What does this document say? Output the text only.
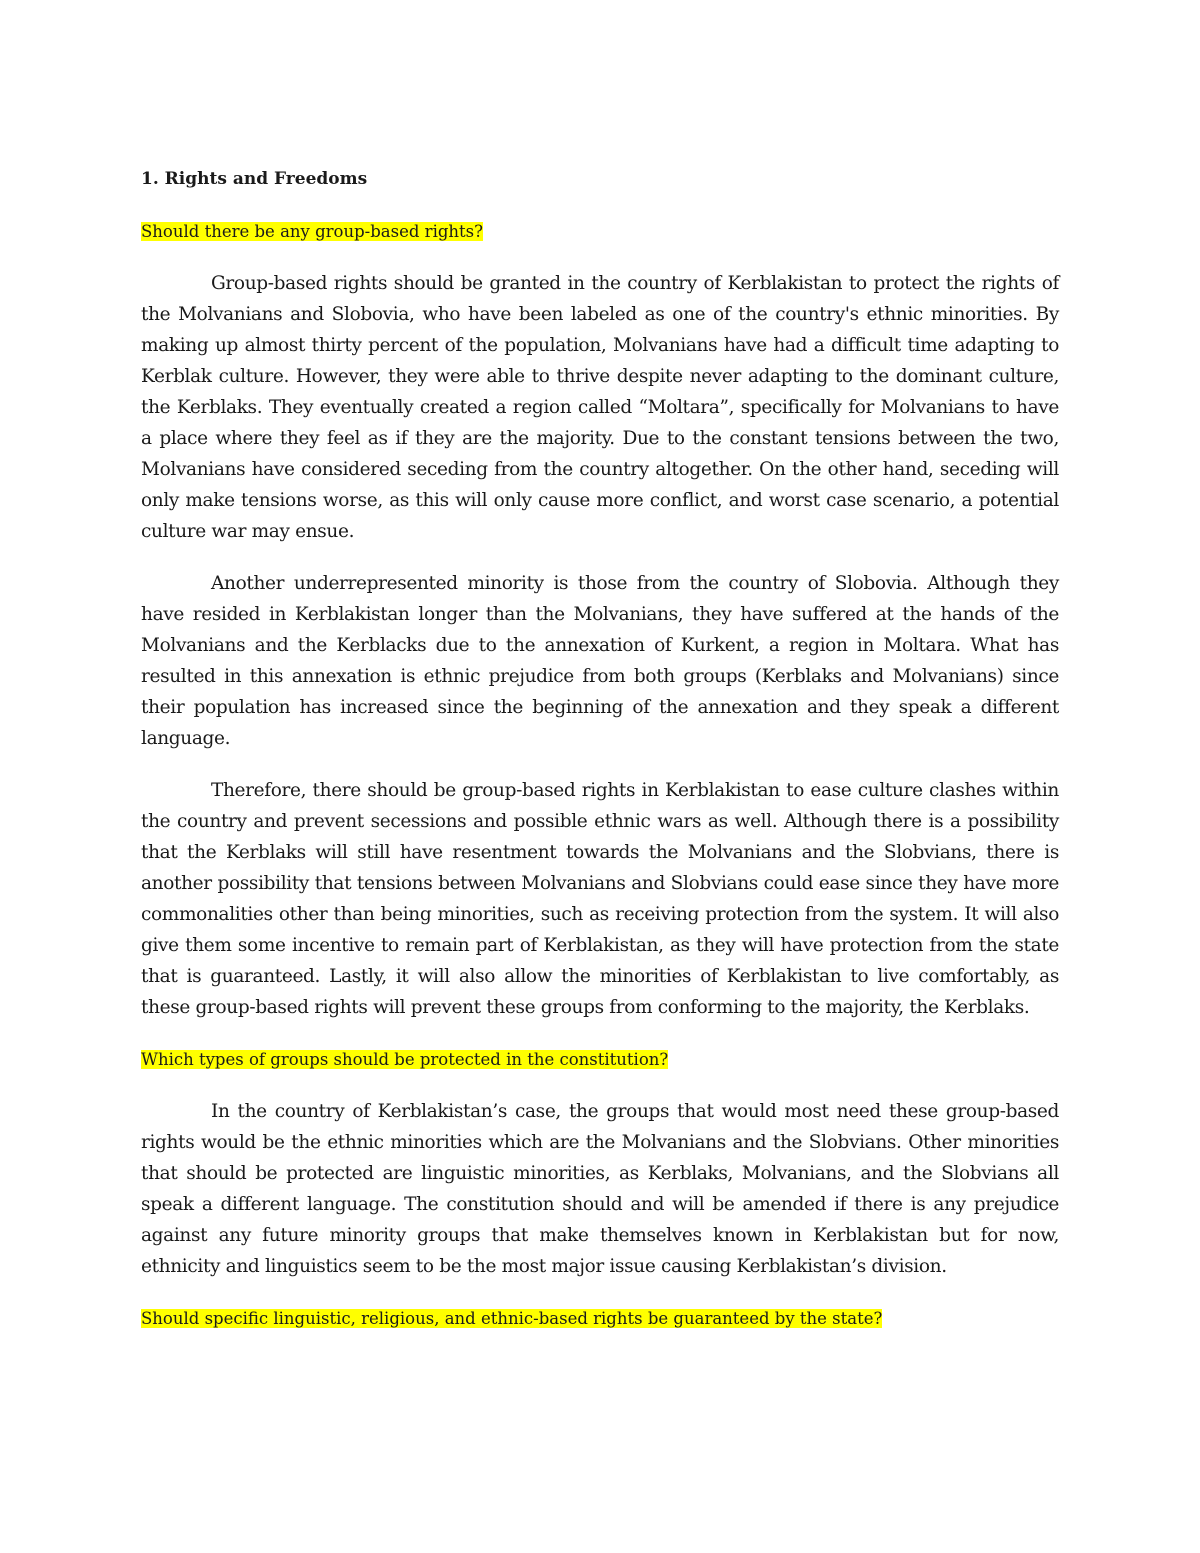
1. Rights and Freedoms
Should there be any group-based rights?

Group-based rights should be granted in the country of Kerblakistan to protect the rights of the Molvanians and Slobovia, who have been labeled as one of the country's ethnic minorities. By making up almost thirty percent of the population, Molvanians have had a difficult time adapting to Kerblak culture. However, they were able to thrive despite never adapting to the dominant culture, the Kerblaks. They eventually created a region called “Moltara”, specifically for Molvanians to have a place where they feel as if they are the majority. Due to the constant tensions between the two, Molvanians have considered seceding from the country altogether. On the other hand, seceding will only make tensions worse, as this will only cause more conflict, and worst case scenario, a potential culture war may ensue.

Another underrepresented minority is those from the country of Slobovia. Although they have resided in Kerblakistan longer than the Molvanians, they have suffered at the hands of the Molvanians and the Kerblacks due to the annexation of Kurkent, a region in Moltara. What has resulted in this annexation is ethnic prejudice from both groups (Kerblaks and Molvanians) since their population has increased since the beginning of the annexation and they speak a different language.

Therefore, there should be group-based rights in Kerblakistan to ease culture clashes within the country and prevent secessions and possible ethnic wars as well. Although there is a possibility that the Kerblaks will still have resentment towards the Molvanians and the Slobvians, there is another possibility that tensions between Molvanians and Slobvians could ease since they have more commonalities other than being minorities, such as receiving protection from the system. It will also give them some incentive to remain part of Kerblakistan, as they will have protection from the state that is guaranteed. Lastly, it will also allow the minorities of Kerblakistan to live comfortably, as these group-based rights will prevent these groups from conforming to the majority, the Kerblaks.

Which types of groups should be protected in the constitution?

In the country of Kerblakistan’s case, the groups that would most need these group-based rights would be the ethnic minorities which are the Molvanians and the Slobvians. Other minorities that should be protected are linguistic minorities, as Kerblaks, Molvanians, and the Slobvians all speak a different language. The constitution should and will be amended if there is any prejudice against any future minority groups that make themselves known in Kerblakistan but for now, ethnicity and linguistics seem to be the most major issue causing Kerblakistan’s division.

Should specific linguistic, religious, and ethnic-based rights be guaranteed by the state?
